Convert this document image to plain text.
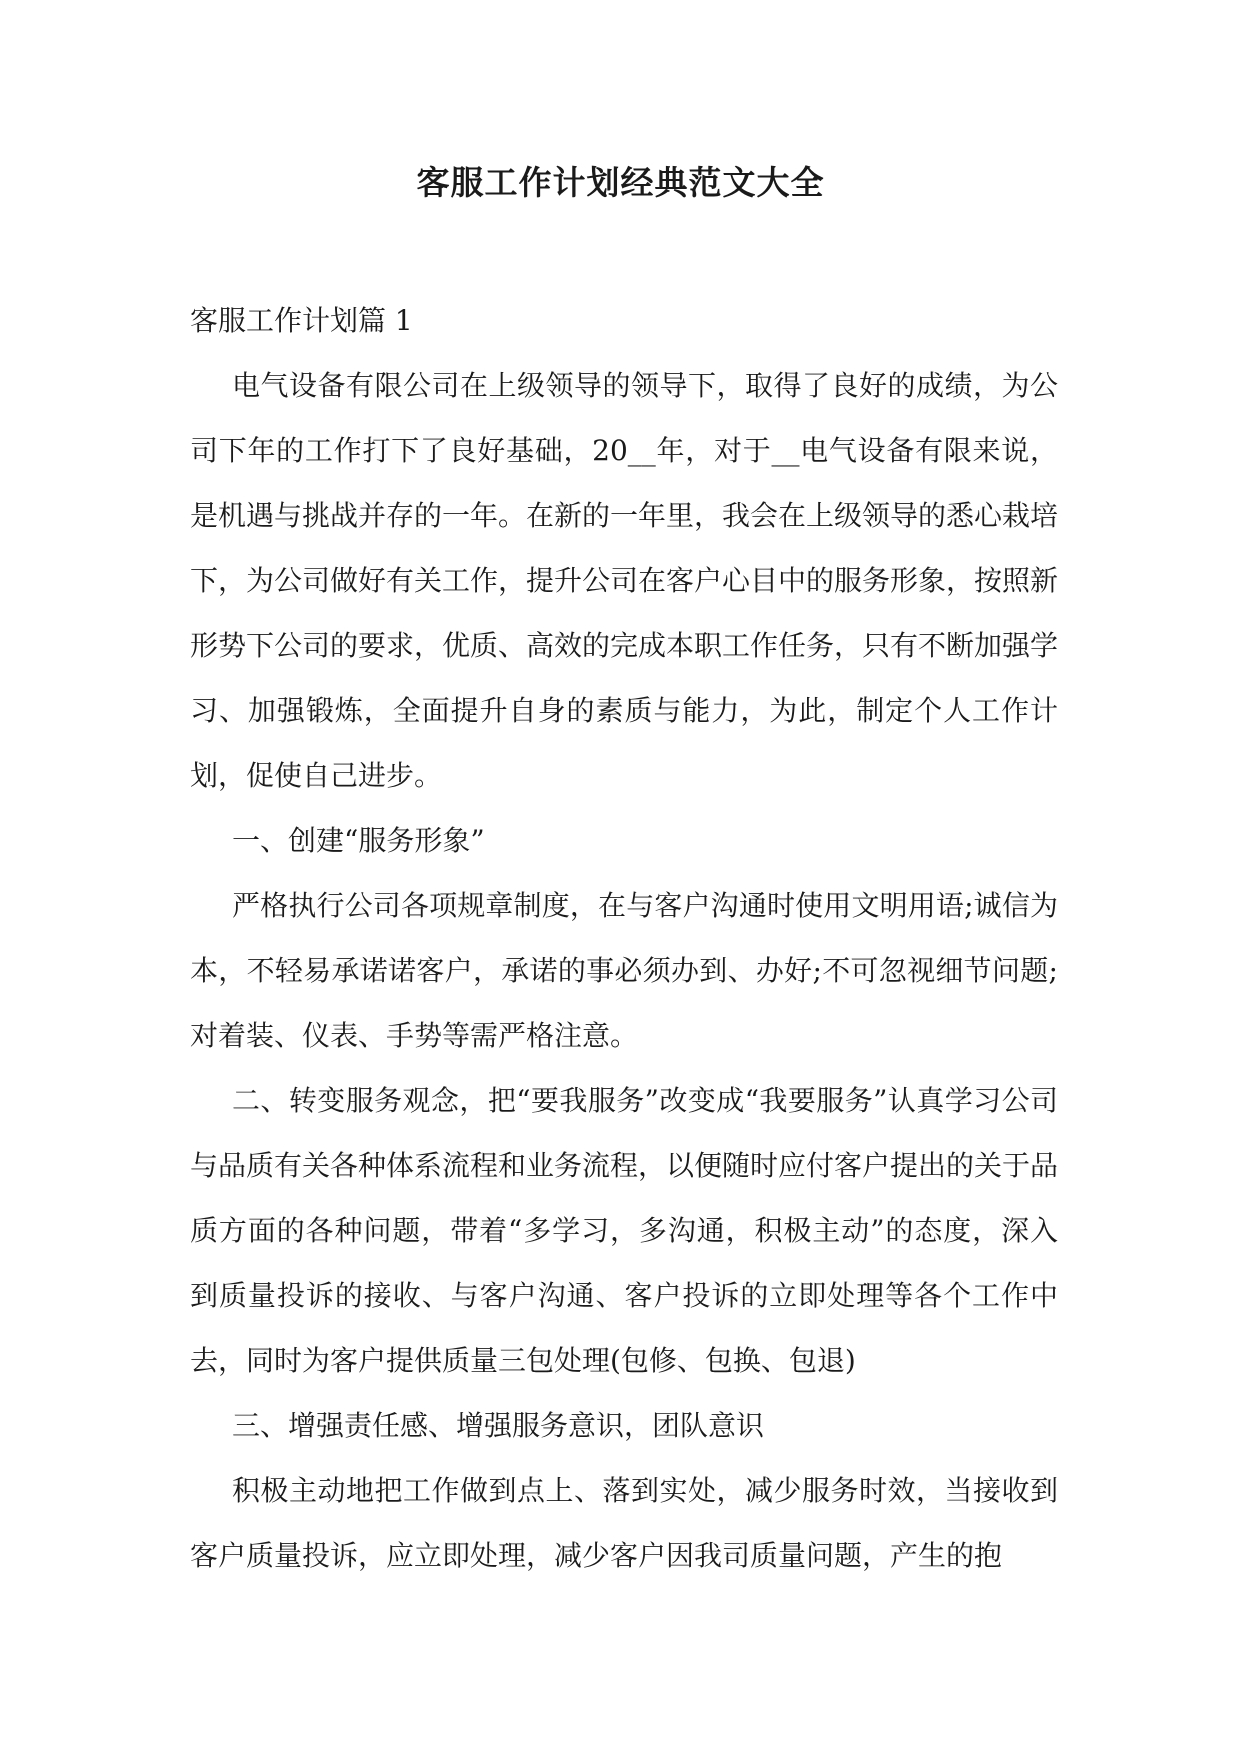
客服工作计划经典范文大全

客服工作计划篇 1

电气设备有限公司在上级领导的领导下，取得了良好的成绩，为公司下年的工作打下了良好基础，20__年，对于__电气设备有限来说，是机遇与挑战并存的一年。在新的一年里，我会在上级领导的悉心栽培下，为公司做好有关工作，提升公司在客户心目中的服务形象，按照新形势下公司的要求，优质、高效的完成本职工作任务，只有不断加强学习、加强锻炼，全面提升自身的素质与能力，为此，制定个人工作计划，促使自己进步。

一、创建“服务形象”

严格执行公司各项规章制度，在与客户沟通时使用文明用语;诚信为本，不轻易承诺诺客户，承诺的事必须办到、办好;不可忽视细节问题;对着装、仪表、手势等需严格注意。

二、转变服务观念，把“要我服务”改变成“我要服务”认真学习公司与品质有关各种体系流程和业务流程，以便随时应付客户提出的关于品质方面的各种问题，带着“多学习，多沟通，积极主动”的态度，深入到质量投诉的接收、与客户沟通、客户投诉的立即处理等各个工作中去，同时为客户提供质量三包处理(包修、包换、包退)

三、增强责任感、增强服务意识，团队意识

积极主动地把工作做到点上、落到实处，减少服务时效，当接收到客户质量投诉，应立即处理，减少客户因我司质量问题，产生的抱
